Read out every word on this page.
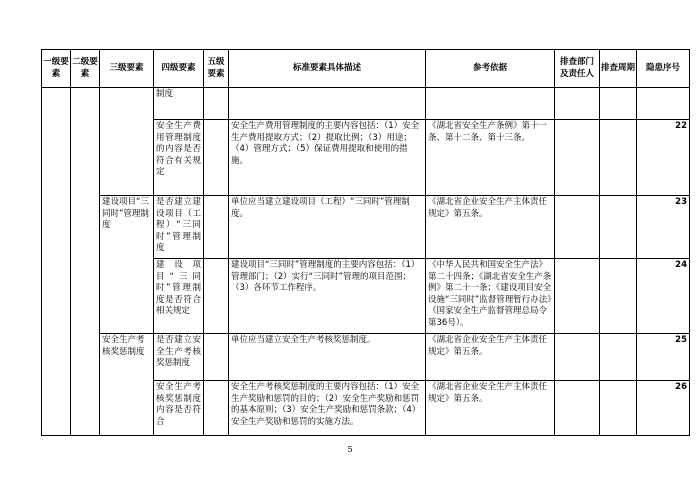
一级要素	二级要素	三级要素	四级要素	五级要素	标准要素具体描述	参考依据	排查部门及责任人	排查周期	隐患序号
			制度						
			安全生产费用管理制度的内容是否符合有关规定		安全生产费用管理制度的主要内容包括：（1）安全生产费用提取方式；（2）提取比例；（3）用途；（4）管理方式；（5）保证费用提取和使用的措施。	《湖北省安全生产条例》第十一条、第十二条、第十三条。			22
		建设项目“三同时”管理制度	是否建立建设项目（工程）“三同时”管理制度		单位应当建立建设项目（工程）“三同时”管理制度。	《湖北省企业安全生产主体责任规定》第五条。			23
			建设项目“三同时”管理制度是否符合相关规定		建设项目“三同时”管理制度的主要内容包括：（1）管理部门；（2）实行“三同时”管理的项目范围；（3）各环节工作程序。	《中华人民共和国安全生产法》第二十四条；《湖北省安全生产条例》第二十一条；《建设项目安全设施“三同时”监督管理暂行办法》（国家安全生产监督管理总局令第36号）。			24
		安全生产考核奖惩制度	是否建立安全生产考核奖惩制度		单位应当建立安全生产考核奖惩制度。	《湖北省企业安全生产主体责任规定》第五条。			25
			安全生产考核奖惩制度内容是否符合		安全生产考核奖惩制度的主要内容包括：（1）安全生产奖励和惩罚的目的；（2）安全生产奖励和惩罚的基本原则；（3）安全生产奖励和惩罚条款；（4）安全生产奖励和惩罚的实施方法。	《湖北省企业安全生产主体责任规定》第五条。			26
5
